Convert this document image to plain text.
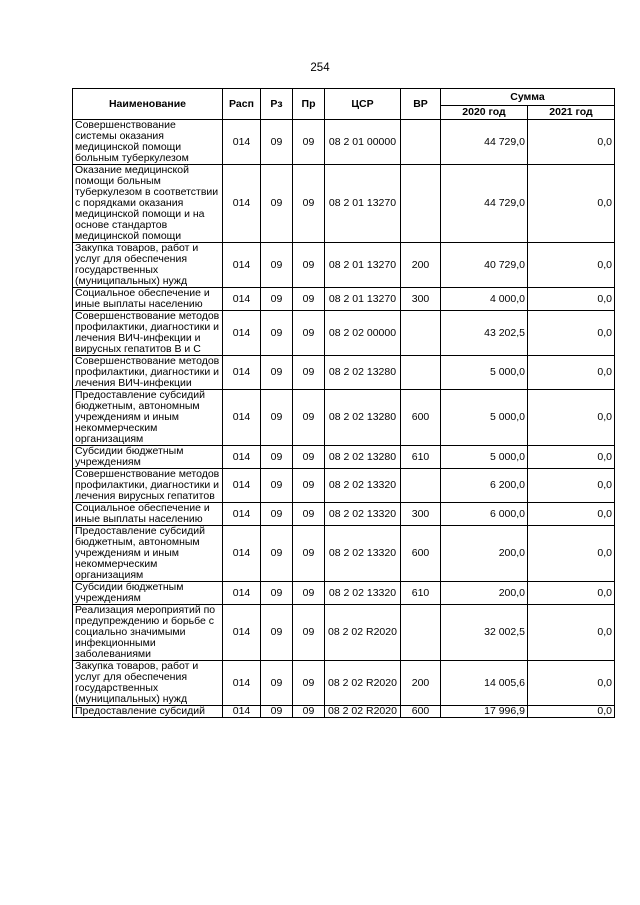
254
Наименование	Расп	Рз	Пр	ЦСР	ВР	Сумма	
						2020 год	2021 год
Совершенствование системы оказания медицинской помощи больным туберкулезом	014	09	09	08 2 01 00000		44 729,0	0,0
Оказание медицинской помощи больным туберкулезом в соответствии с порядками оказания медицинской помощи и на основе стандартов медицинской помощи	014	09	09	08 2 01 13270		44 729,0	0,0
Закупка товаров, работ и услуг для обеспечения государственных (муниципальных) нужд	014	09	09	08 2 01 13270	200	40 729,0	0,0
Социальное обеспечение и иные выплаты населению	014	09	09	08 2 01 13270	300	4 000,0	0,0
Совершенствование методов профилактики, диагностики и лечения ВИЧ-инфекции и вирусных гепатитов В и С	014	09	09	08 2 02 00000		43 202,5	0,0
Совершенствование методов профилактики, диагностики и лечения ВИЧ-инфекции	014	09	09	08 2 02 13280		5 000,0	0,0
Предоставление субсидий бюджетным, автономным учреждениям и иным некоммерческим организациям	014	09	09	08 2 02 13280	600	5 000,0	0,0
Субсидии бюджетным учреждениям	014	09	09	08 2 02 13280	610	5 000,0	0,0
Совершенствование методов профилактики, диагностики и лечения вирусных гепатитов	014	09	09	08 2 02 13320		6 200,0	0,0
Социальное обеспечение и иные выплаты населению	014	09	09	08 2 02 13320	300	6 000,0	0,0
Предоставление субсидий бюджетным, автономным учреждениям и иным некоммерческим организациям	014	09	09	08 2 02 13320	600	200,0	0,0
Субсидии бюджетным учреждениям	014	09	09	08 2 02 13320	610	200,0	0,0
Реализация мероприятий по предупреждению и борьбе с социально значимыми инфекционными заболеваниями	014	09	09	08 2 02 R2020		32 002,5	0,0
Закупка товаров, работ и услуг для обеспечения государственных (муниципальных) нужд	014	09	09	08 2 02 R2020	200	14 005,6	0,0
Предоставление субсидий	014	09	09	08 2 02 R2020	600	17 996,9	0,0
